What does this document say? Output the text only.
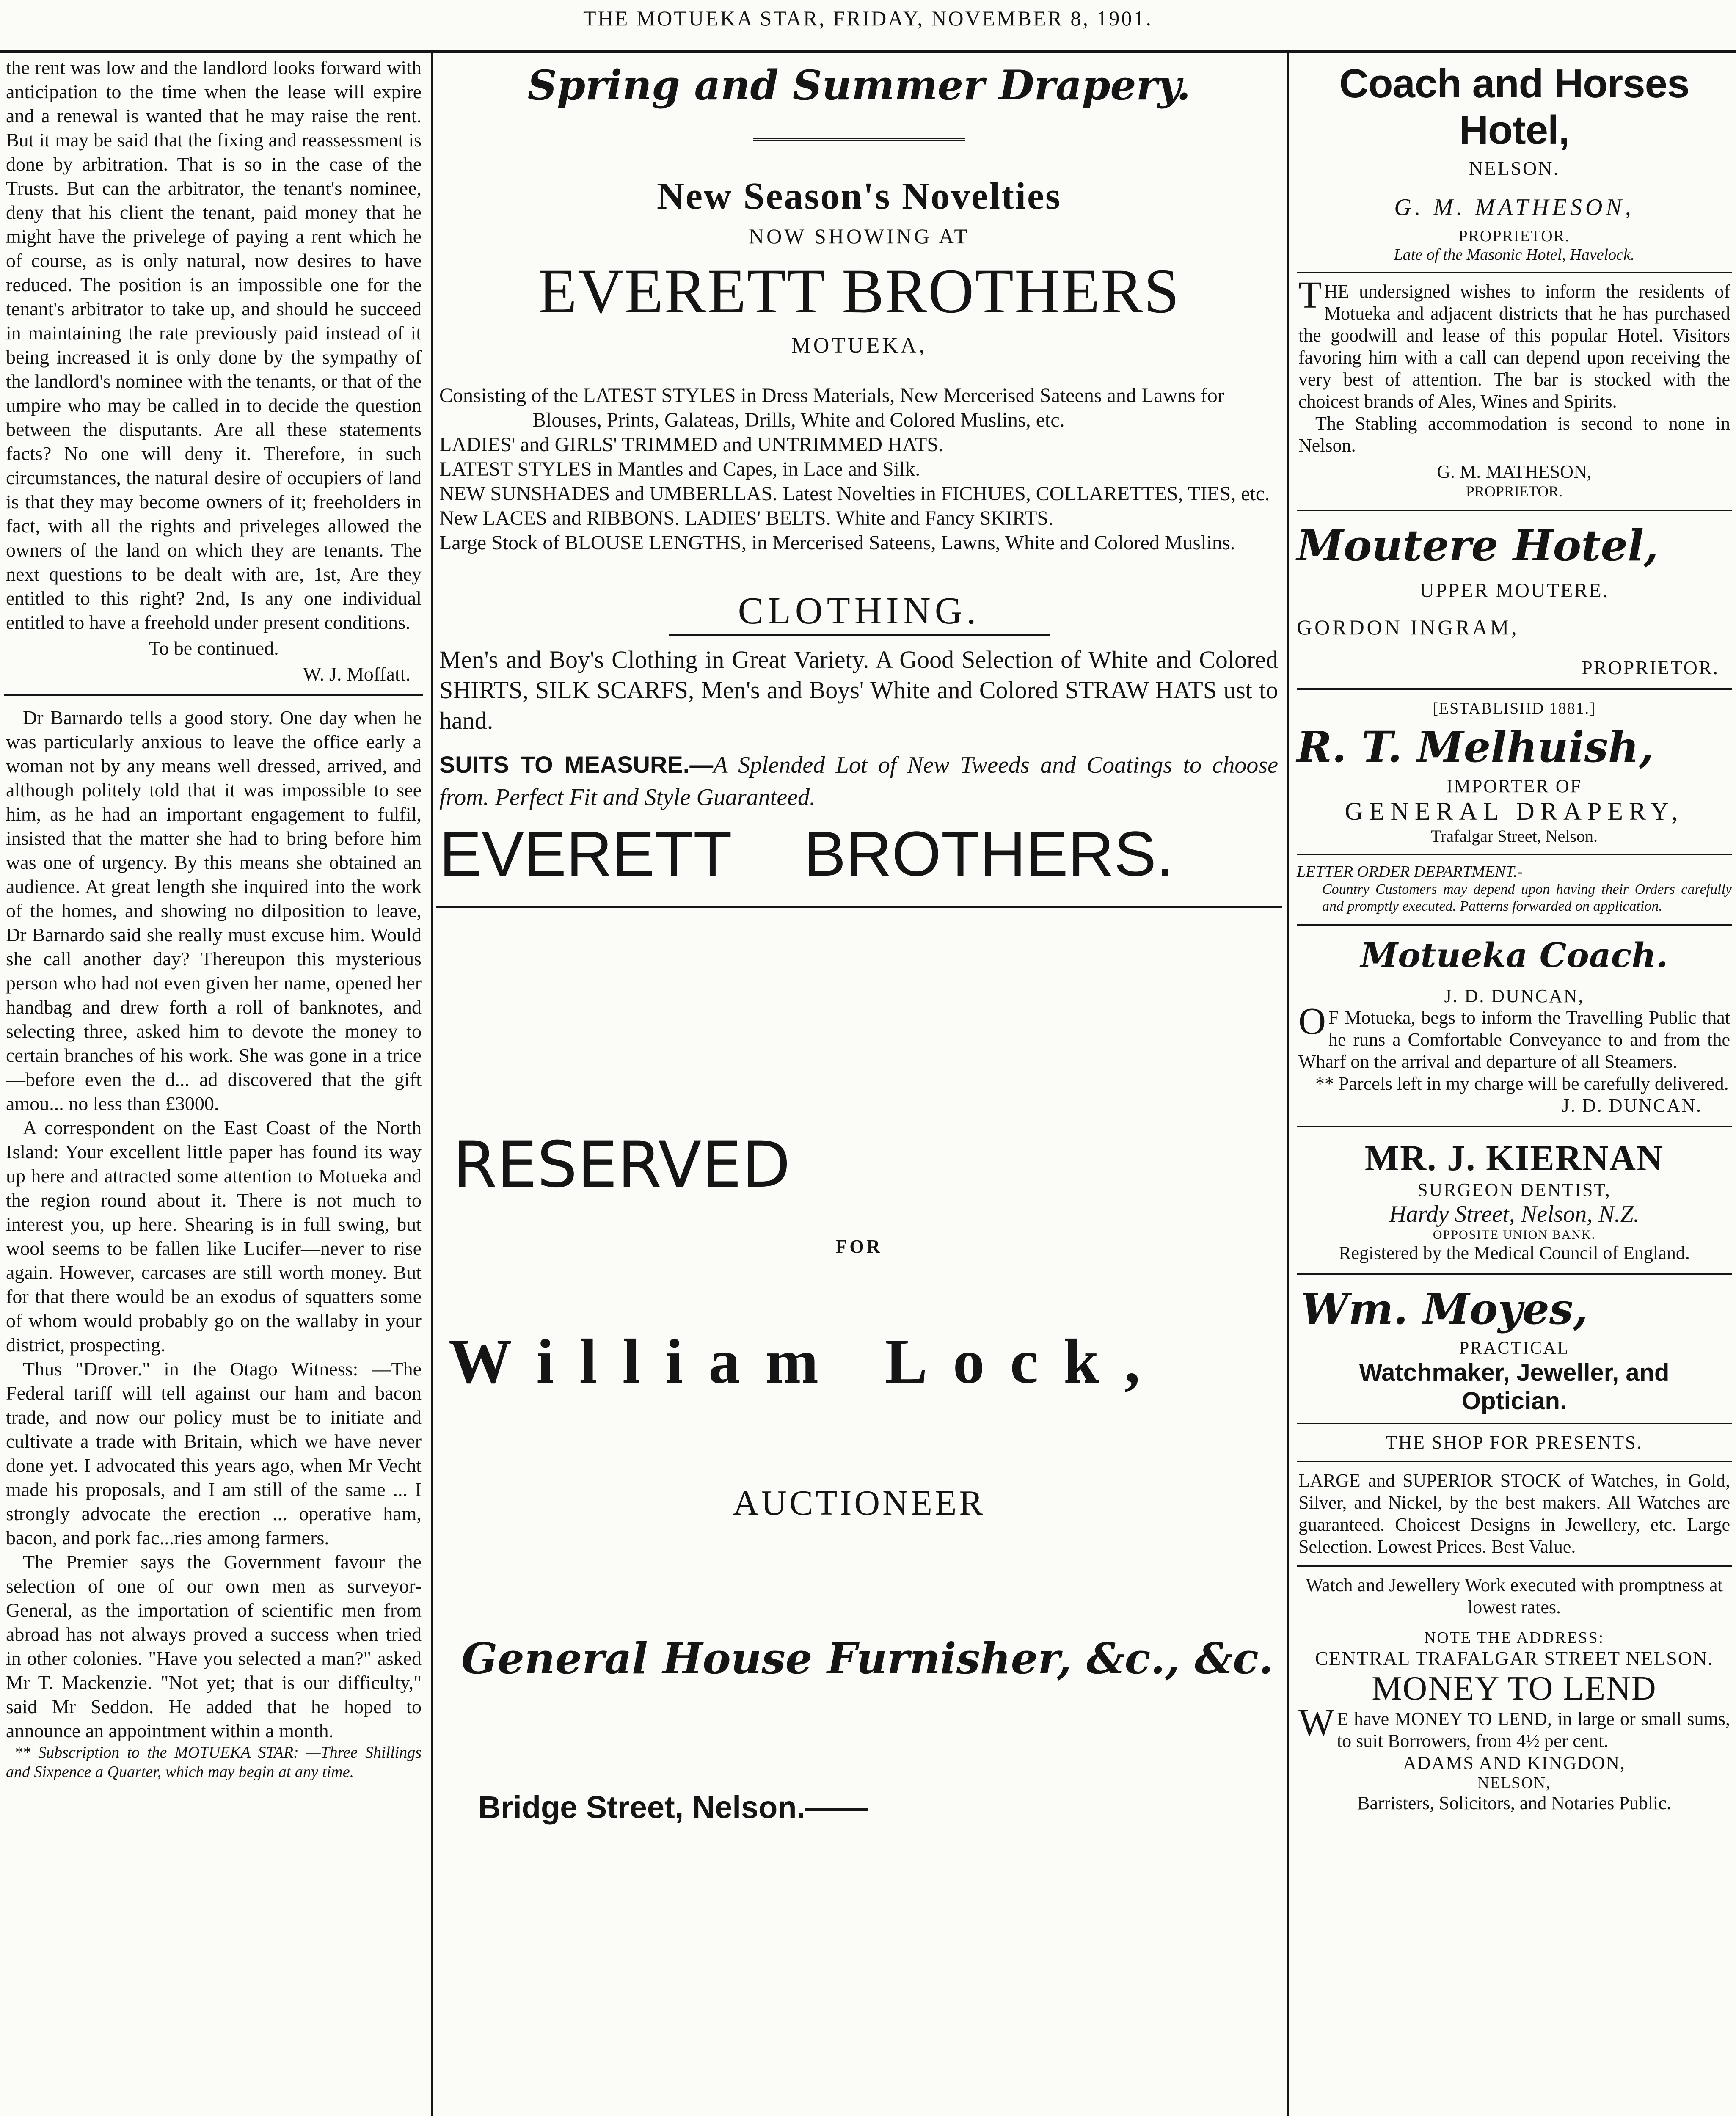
THE MOTUEKA STAR, FRIDAY, NOVEMBER 8, 1901.

the rent was low and the landlord looks forward with anticipation to the time when the lease will expire and a renewal is wanted that he may raise the rent. But it may be said that the fixing and reassessment is done by arbitration. That is so in the case of the Trusts. But can the arbitrator, the tenant's nominee, deny that his client the tenant, paid money that he might have the privelege of paying a rent which he of course, as is only natural, now desires to have reduced. The position is an impossible one for the tenant's arbitrator to take up, and should he succeed in maintaining the rate previously paid instead of it being increased it is only done by the sympathy of the landlord's nominee with the tenants, or that of the umpire who may be called in to decide the question between the disputants. Are all these statements facts? No one will deny it. Therefore, in such circumstances, the natural desire of occupiers of land is that they may become owners of it; freeholders in fact, with all the rights and priveleges allowed the owners of the land on which they are tenants. The next questions to be dealt with are, 1st, Are they entitled to this right? 2nd, Is any one individual entitled to have a freehold under present conditions.

To be continued.

W. J. Moffatt.

Dr Barnardo tells a good story. One day when he was particularly anxious to leave the office early a woman not by any means well dressed, arrived, and although politely told that it was impossible to see him, as he had an important engagement to fulfil, insisted that the matter she had to bring before him was one of urgency. By this means she obtained an audience. At great length she inquired into the work of the homes, and showing no dilposition to leave, Dr Barnardo said she really must excuse him. Would she call another day? Thereupon this mysterious person who had not even given her name, opened her handbag and drew forth a roll of banknotes, and selecting three, asked him to devote the money to certain branches of his work. She was gone in a trice—before even the d... ad discovered that the gift amou... no less than £3000.

A correspondent on the East Coast of the North Island: Your excellent little paper has found its way up here and attracted some attention to Motueka and the region round about it. There is not much to interest you, up here. Shearing is in full swing, but wool seems to be fallen like Lucifer—never to rise again. However, carcases are still worth money. But for that there would be an exodus of squatters some of whom would probably go on the wallaby in your district, prospecting.

Thus "Drover." in the Otago Witness: —The Federal tariff will tell against our ham and bacon trade, and now our policy must be to initiate and cultivate a trade with Britain, which we have never done yet. I advocated this years ago, when Mr Vecht made his proposals, and I am still of the same ... I strongly advocate the erection ... operative ham, bacon, and pork fac...ries among farmers.

The Premier says the Government favour the selection of one of our own men as surveyor-General, as the importation of scientific men from abroad has not always proved a success when tried in other colonies. "Have you selected a man?" asked Mr T. Mackenzie. "Not yet; that is our difficulty," said Mr Seddon. He added that he hoped to announce an appointment within a month.

** Subscription to the MOTUEKA STAR: —Three Shillings and Sixpence a Quarter, which may begin at any time.

Spring and Summer Drapery.

New Season's Novelties

NOW SHOWING AT

EVERETT BROTHERS

MOTUEKA,

Consisting of the LATEST STYLES in Dress Materials, New Mercerised Sateens and Lawns for Blouses, Prints, Galateas, Drills, White and Colored Muslins, etc.

LADIES' and GIRLS' TRIMMED and UNTRIMMED HATS.

LATEST STYLES in Mantles and Capes, in Lace and Silk.

NEW SUNSHADES and UMBERLLAS. Latest Novelties in FICHUES, COLLARETTES, TIES, etc.

New LACES and RIBBONS. LADIES' BELTS. White and Fancy SKIRTS.

Large Stock of BLOUSE LENGTHS, in Mercerised Sateens, Lawns, White and Colored Muslins.

CLOTHING.

Men's and Boy's Clothing in Great Variety. A Good Selection of White and Colored SHIRTS, SILK SCARFS, Men's and Boys' White and Colored STRAW HATS ust to hand.

SUITS TO MEASURE.—A Splended Lot of New Tweeds and Coatings to choose from. Perfect Fit and Style Guaranteed.

EVERETT BROTHERS.

RESERVED

FOR

William Lock,

AUCTIONEER

General House Furnisher, &c., &c.

Bridge Street, Nelson.——

Coach and Horses Hotel,

NELSON.

G. M. MATHESON,

PROPRIETOR.

Late of the Masonic Hotel, Havelock.

THE undersigned wishes to inform the residents of Motueka and adjacent districts that he has purchased the goodwill and lease of this popular Hotel. Visitors favoring him with a call can depend upon receiving the very best of attention. The bar is stocked with the choicest brands of Ales, Wines and Spirits.

The Stabling accommodation is second to none in Nelson.

G. M. MATHESON,

PROPRIETOR.

Moutere Hotel,

UPPER MOUTERE.

GORDON INGRAM,

PROPRIETOR.

[ESTABLISHD 1881.]

R. T. Melhuish,

IMPORTER OF

GENERAL DRAPERY,

Trafalgar Street, Nelson.

LETTER ORDER DEPARTMENT.-

Country Customers may depend upon having their Orders carefully and promptly executed. Patterns forwarded on application.

Motueka Coach.

J. D. DUNCAN,

OF Motueka, begs to inform the Travelling Public that he runs a Comfortable Conveyance to and from the Wharf on the arrival and departure of all Steamers.

** Parcels left in my charge will be carefully delivered.

J. D. DUNCAN.

MR. J. KIERNAN

SURGEON DENTIST,

Hardy Street, Nelson, N.Z.

OPPOSITE UNION BANK.

Registered by the Medical Council of England.

Wm. Moyes,

PRACTICAL

Watchmaker, Jeweller, and Optician.

THE SHOP FOR PRESENTS.

LARGE and SUPERIOR STOCK of Watches, in Gold, Silver, and Nickel, by the best makers. All Watches are guaranteed. Choicest Designs in Jewellery, etc. Large Selection. Lowest Prices. Best Value.

Watch and Jewellery Work executed with promptness at lowest rates.

NOTE THE ADDRESS:

CENTRAL TRAFALGAR STREET NELSON.

MONEY TO LEND

WE have MONEY TO LEND, in large or small sums, to suit Borrowers, from 4½ per cent.

ADAMS AND KINGDON,

NELSON,

Barristers, Solicitors, and Notaries Public.
